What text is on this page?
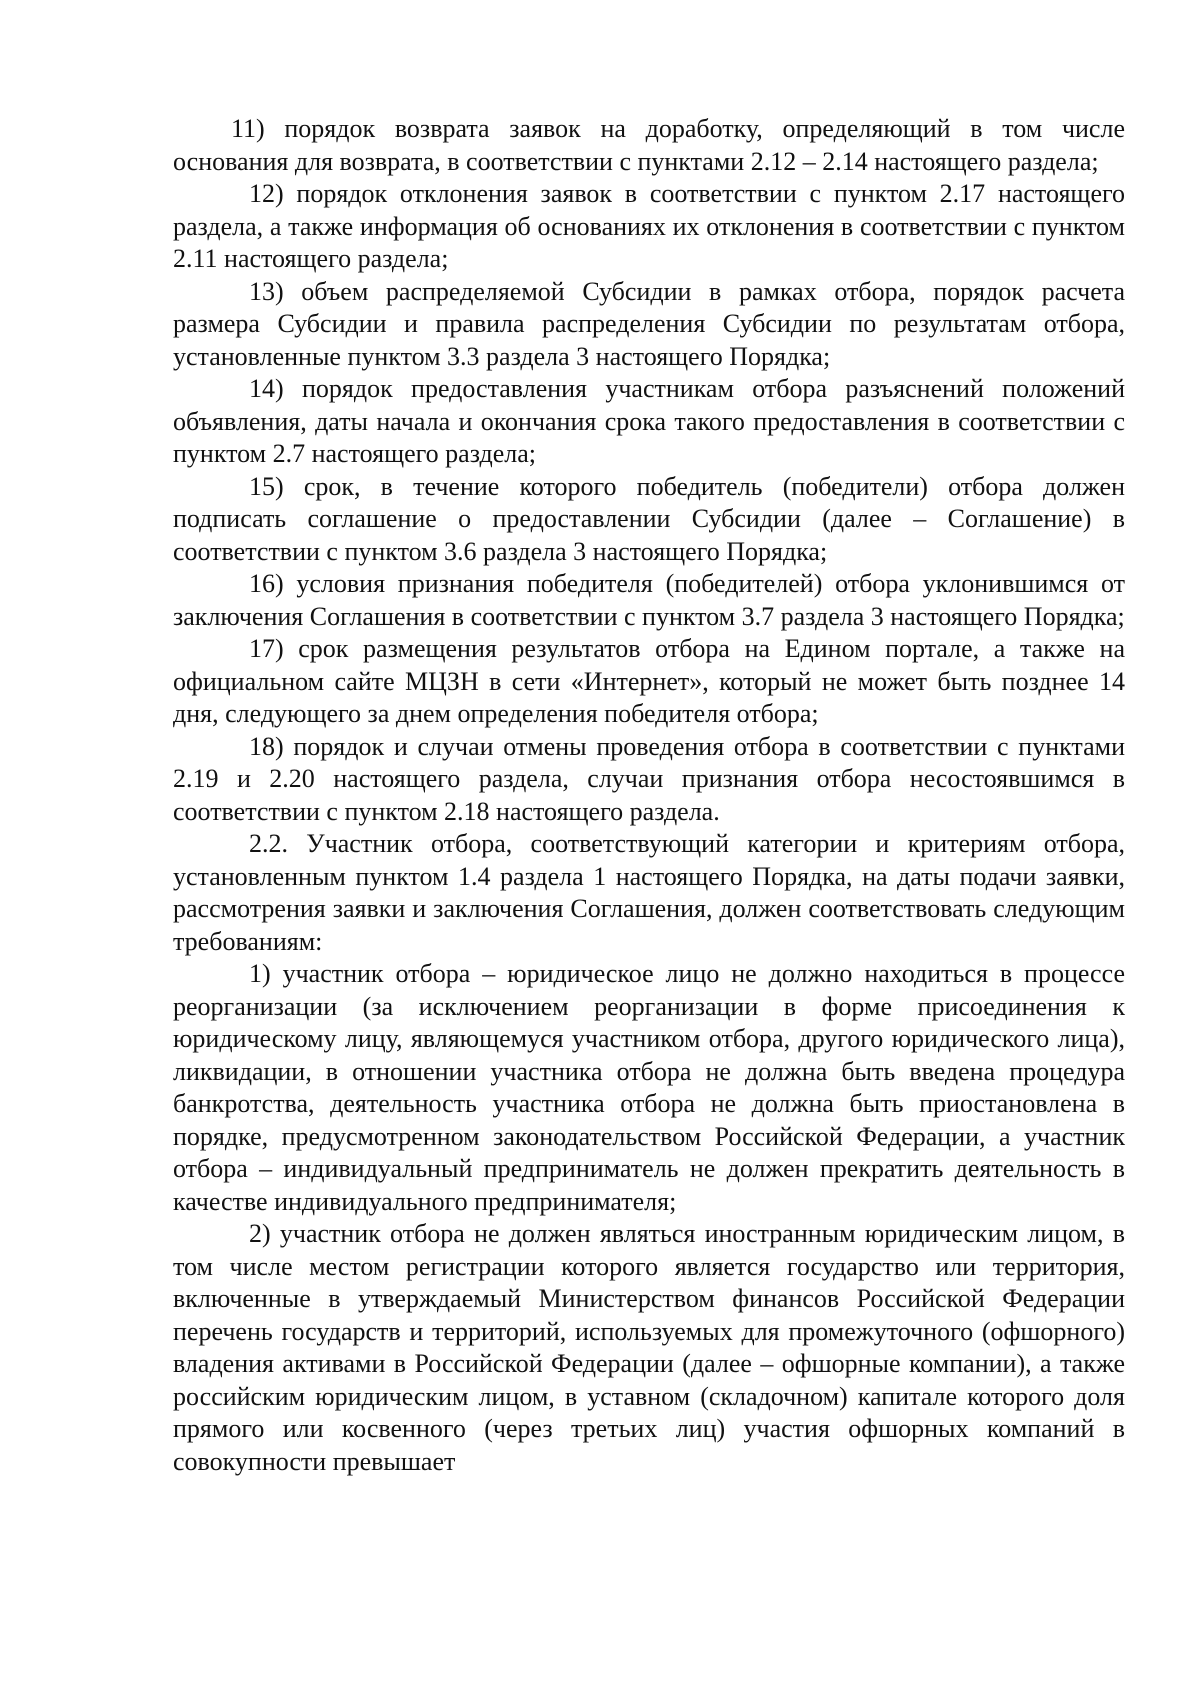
11) порядок возврата заявок на доработку, определяющий в том числе основания для возврата, в соответствии с пунктами 2.12 – 2.14 настоящего раздела;

12) порядок отклонения заявок в соответствии с пунктом 2.17 настоящего раздела, а также информация об основаниях их отклонения в соответствии с пунктом 2.11 настоящего раздела;

13) объем распределяемой Субсидии в рамках отбора, порядок расчета размера Субсидии и правила распределения Субсидии по результатам отбора, установленные пунктом 3.3 раздела 3 настоящего Порядка;

14) порядок предоставления участникам отбора разъяснений положений объявления, даты начала и окончания срока такого предоставления в соответствии с пунктом 2.7 настоящего раздела;

15) срок, в течение которого победитель (победители) отбора должен подписать соглашение о предоставлении Субсидии (далее – Соглашение) в соответствии с пунктом 3.6 раздела 3 настоящего Порядка;

16) условия признания победителя (победителей) отбора уклонившимся от заключения Соглашения в соответствии с пунктом 3.7 раздела 3 настоящего Порядка;

17) срок размещения результатов отбора на Едином портале, а также на официальном сайте МЦЗН в сети «Интернет», который не может быть позднее 14 дня, следующего за днем определения победителя отбора;

18) порядок и случаи отмены проведения отбора в соответствии с пунктами 2.19 и 2.20 настоящего раздела, случаи признания отбора несостоявшимся в соответствии с пунктом 2.18 настоящего раздела.

2.2. Участник отбора, соответствующий категории и критериям отбора, установленным пунктом 1.4 раздела 1 настоящего Порядка, на даты подачи заявки, рассмотрения заявки и заключения Соглашения, должен соответствовать следующим требованиям:

1) участник отбора – юридическое лицо не должно находиться в процессе реорганизации (за исключением реорганизации в форме присоединения к юридическому лицу, являющемуся участником отбора, другого юридического лица), ликвидации, в отношении участника отбора не должна быть введена процедура банкротства, деятельность участника отбора не должна быть приостановлена в порядке, предусмотренном законодательством Российской Федерации, а участник отбора – индивидуальный предприниматель не должен прекратить деятельность в качестве индивидуального предпринимателя;

2) участник отбора не должен являться иностранным юридическим лицом, в том числе местом регистрации которого является государство или территория, включенные в утверждаемый Министерством финансов Российской Федерации перечень государств и территорий, используемых для промежуточного (офшорного) владения активами в Российской Федерации (далее – офшорные компании), а также российским юридическим лицом, в уставном (складочном) капитале которого доля прямого или косвенного (через третьих лиц) участия офшорных компаний в совокупности превышает
